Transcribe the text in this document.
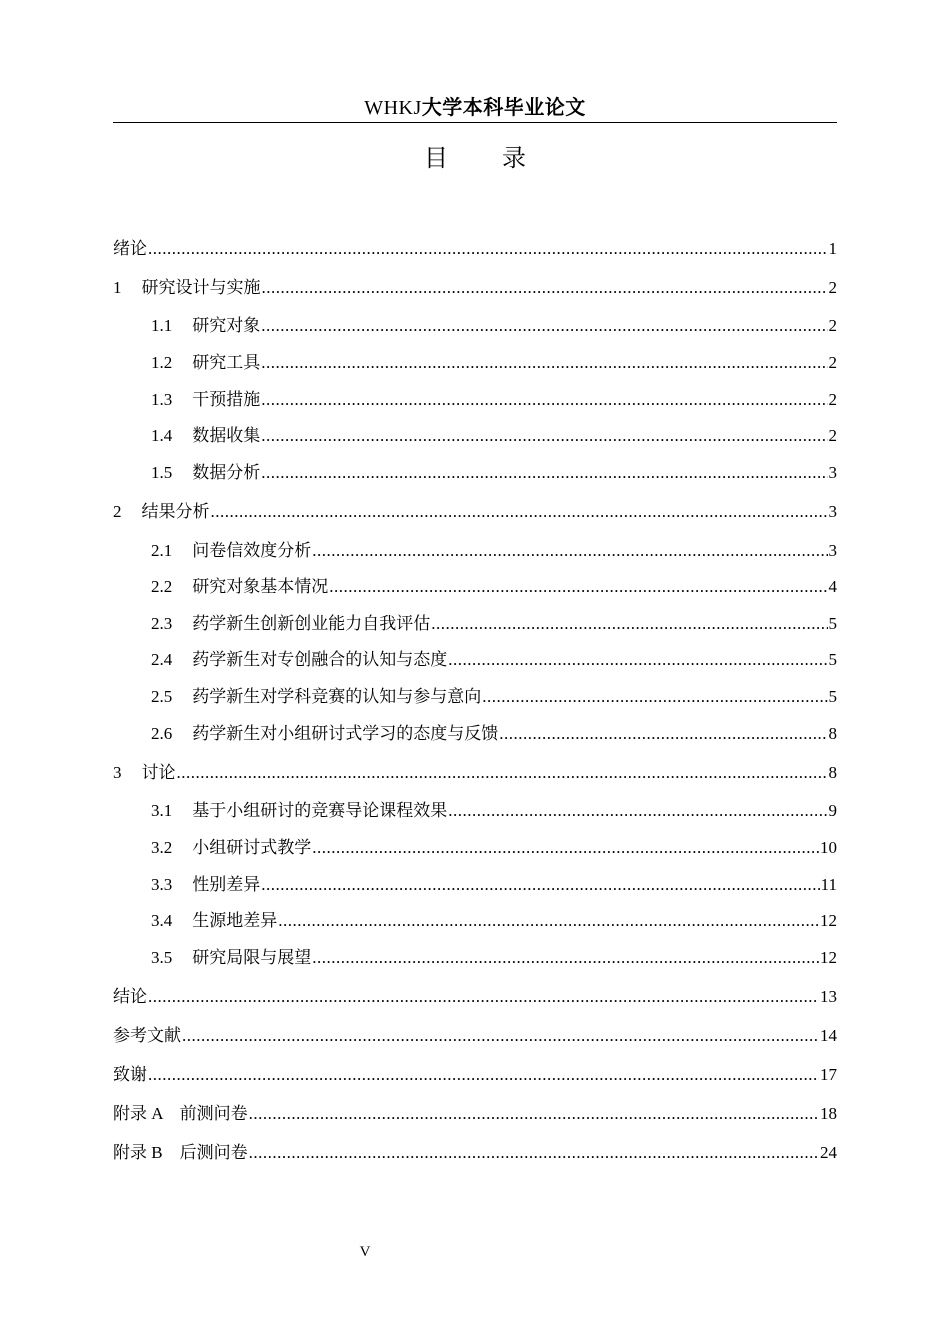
WHKJ大学本科毕业论文
目 录
绪论 .....	1
1 研究设计与实施 .....	2
1.1 研究对象 .....	2
1.2 研究工具 .....	2
1.3 干预措施 .....	2
1.4 数据收集 .....	2
1.5 数据分析 .....	3
2 结果分析 .....	3
2.1 问卷信效度分析 .....	3
2.2 研究对象基本情况 .....	4
2.3 药学新生创新创业能力自我评估 .....	5
2.4 药学新生对专创融合的认知与态度 .....	5
2.5 药学新生对学科竞赛的认知与参与意向 .....	5
2.6 药学新生对小组研讨式学习的态度与反馈 .....	8
3 讨论 .....	8
3.1 基于小组研讨的竞赛导论课程效果 .....	9
3.2 小组研讨式教学 .....	10
3.3 性别差异 .....	11
3.4 生源地差异 .....	12
3.5 研究局限与展望 .....	12
结论 .....	13
参考文献 .....	14
致谢 .....	17
附录 A　前测问卷 .....	18
附录 B　后测问卷 .....	24
V
